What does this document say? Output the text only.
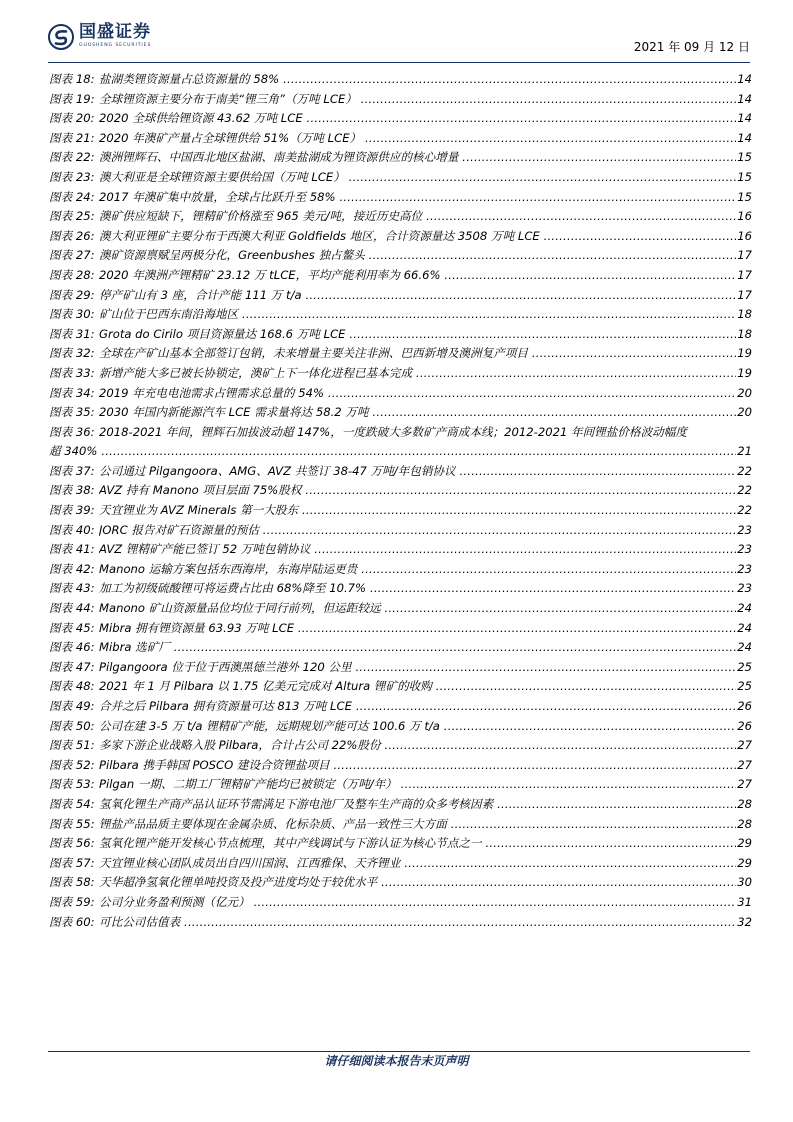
国盛证券
GUOSHENG SECURITIES	2021 年 09 月 12 日
图表 18: 盐湖类锂资源量占总资源量的 58% .....	14
图表 19: 全球锂资源主要分布于南美“锂三角”（万吨 LCE） .....	14
图表 20: 2020 全球供给锂资源 43.62 万吨 LCE .....	14
图表 21: 2020 年澳矿产量占全球锂供给 51%（万吨 LCE） .....	14
图表 22: 澳洲锂辉石、中国西北地区盐湖、南美盐湖成为锂资源供应的核心增量 .....	15
图表 23: 澳大利亚是全球锂资源主要供给国（万吨 LCE） .....	15
图表 24: 2017 年澳矿集中放量，全球占比跃升至 58% .....	15
图表 25: 澳矿供应短缺下，锂精矿价格涨至 965 美元/吨，接近历史高位 .....	16
图表 26: 澳大利亚锂矿主要分布于西澳大利亚 Goldfields 地区，合计资源量达 3508 万吨 LCE .....	16
图表 27: 澳矿资源禀赋呈两极分化，Greenbushes 独占鳌头 .....	17
图表 28: 2020 年澳洲产锂精矿 23.12 万 tLCE，平均产能利用率为 66.6% .....	17
图表 29: 停产矿山有 3 座，合计产能 111 万 t/a .....	17
图表 30: 矿山位于巴西东南沿海地区 .....	18
图表 31: Grota do Cirilo 项目资源量达 168.6 万吨 LCE .....	18
图表 32: 全球在产矿山基本全部签订包销，未来增量主要关注非洲、巴西新增及澳洲复产项目 .....	19
图表 33: 新增产能大多已被长协锁定，澳矿上下一体化进程已基本完成 .....	19
图表 34: 2019 年充电电池需求占锂需求总量的 54% .....	20
图表 35: 2030 年国内新能源汽车 LCE 需求量将达 58.2 万吨 .....	20
图表 36: 2018-2021 年间，锂辉石加拔波动超 147%，一度跌破大多数矿产商成本线；2012-2021 年间锂盐价格波动幅度
超 340% .....	21
图表 37: 公司通过 Pilgangoora、AMG、AVZ 共签订 38-47 万吨/年包销协议 .....	22
图表 38: AVZ 持有 Manono 项目层面 75%股权 .....	22
图表 39: 天宜锂业为 AVZ Minerals 第一大股东 .....	22
图表 40: JORC 报告对矿石资源量的预估 .....	23
图表 41: AVZ 锂精矿产能已签订 52 万吨包销协议 .....	23
图表 42: Manono 运输方案包括东西海岸，东海岸陆运更贵 .....	23
图表 43: 加工为初级硫酸锂可将运费占比由 68%降至 10.7% .....	23
图表 44: Manono 矿山资源量品位均位于同行前列，但运距较远 .....	24
图表 45: Mibra 拥有锂资源量 63.93 万吨 LCE .....	24
图表 46: Mibra 选矿厂 .....	24
图表 47: Pilgangoora 位于位于西澳黑德兰港外 120 公里 .....	25
图表 48: 2021 年 1 月 Pilbara 以 1.75 亿美元完成对 Altura 锂矿的收购 .....	25
图表 49: 合并之后 Pilbara 拥有资源量可达 813 万吨 LCE .....	26
图表 50: 公司在建 3-5 万 t/a 锂精矿产能，远期规划产能可达 100.6 万 t/a .....	26
图表 51: 多家下游企业战略入股 Pilbara，合计占公司 22%股份 .....	27
图表 52: Pilbara 携手韩国 POSCO 建设合资锂盐项目 .....	27
图表 53: Pilgan 一期、二期工厂锂精矿产能均已被锁定（万吨/年） .....	27
图表 54: 氢氧化锂生产商产品认证环节需满足下游电池厂及整车生产商的众多考核因素 .....	28
图表 55: 锂盐产品品质主要体现在金属杂质、化标杂质、产品一致性三大方面 .....	28
图表 56: 氢氧化锂产能开发核心节点梳理，其中产线调试与下游认证为核心节点之一 .....	29
图表 57: 天宜锂业核心团队成员出自四川国润、江西雅保、天齐锂业 .....	29
图表 58: 天华超净氢氧化锂单吨投资及投产进度均处于较优水平 .....	30
图表 59: 公司分业务盈利预测（亿元） .....	31
图表 60: 可比公司估值表 .....	32
请仔细阅读本报告末页声明
